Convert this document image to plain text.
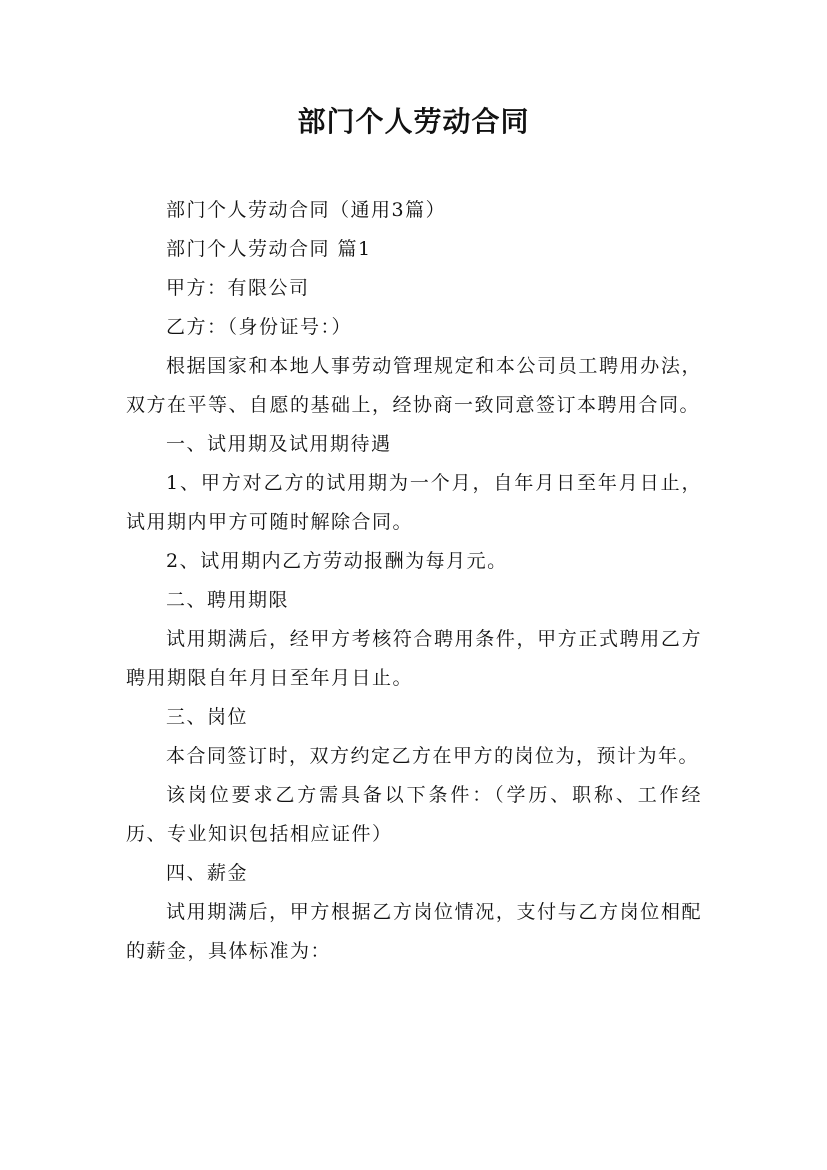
部门个人劳动合同

部门个人劳动合同（通用3篇）

部门个人劳动合同 篇1

甲方：有限公司

乙方：（身份证号：）

根据国家和本地人事劳动管理规定和本公司员工聘用办法，双方在平等、自愿的基础上，经协商一致同意签订本聘用合同。

一、试用期及试用期待遇

1、甲方对乙方的试用期为一个月，自年月日至年月日止，试用期内甲方可随时解除合同。

2、试用期内乙方劳动报酬为每月元。

二、聘用期限

试用期满后，经甲方考核符合聘用条件，甲方正式聘用乙方聘用期限自年月日至年月日止。

三、岗位

本合同签订时，双方约定乙方在甲方的岗位为，预计为年。

该岗位要求乙方需具备以下条件：（学历、职称、工作经历、专业知识包括相应证件）

四、薪金

试用期满后，甲方根据乙方岗位情况，支付与乙方岗位相配的薪金，具体标准为：
